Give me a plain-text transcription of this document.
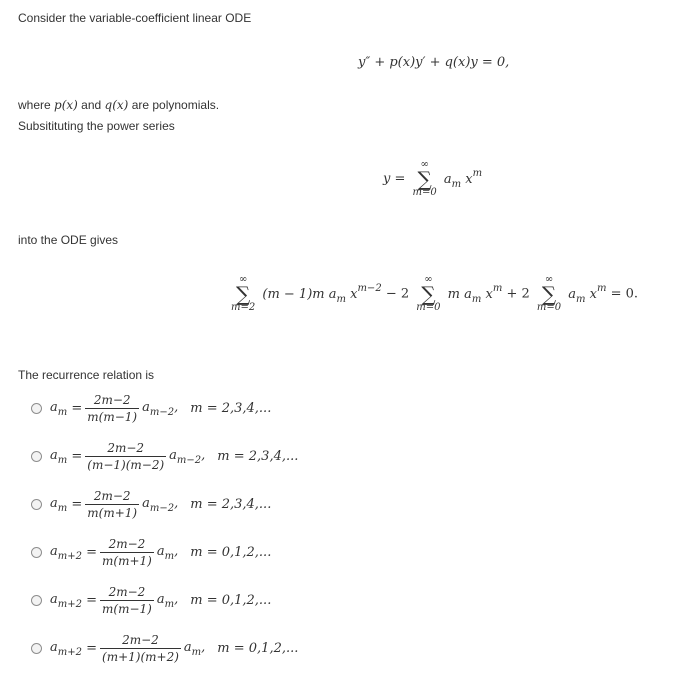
Consider the variable-coefficient linear ODE
y″ + p(x)y′ + q(x)y = 0,
where p(x) and q(x) are polynomials.
Subsitituting the power series
y =
∞
∑
m=0
$a_m$ $x^m$
into the ODE gives
∞
∑
m=2
(m − 1)m $a_m$ $x^{m-2} - 2$
∞
∑
m=0
m $a_m$ $x^m + 2$
∞
∑
m=0
$a_m$ $x^m = 0$.
The recurrence relation is
$a_m = \frac{2m-2}{m(m-1)} a_{m-2}$, m = 2,3,4,...
$a_m = \frac{2m-2}{(m-1)(m-2)} a_{m-2}$, m = 2,3,4,...
$a_m = \frac{2m-2}{m(m+1)} a_{m-2}$, m = 2,3,4,...
$a_{m+2} = \frac{2m-2}{m(m+1)} a_m$, m = 0,1,2,...
$a_{m+2} = \frac{2m-2}{m(m-1)} a_m$, m = 0,1,2,...
$a_{m+2} = \frac{2m-2}{(m+1)(m+2)} a_m$, m = 0,1,2,...
